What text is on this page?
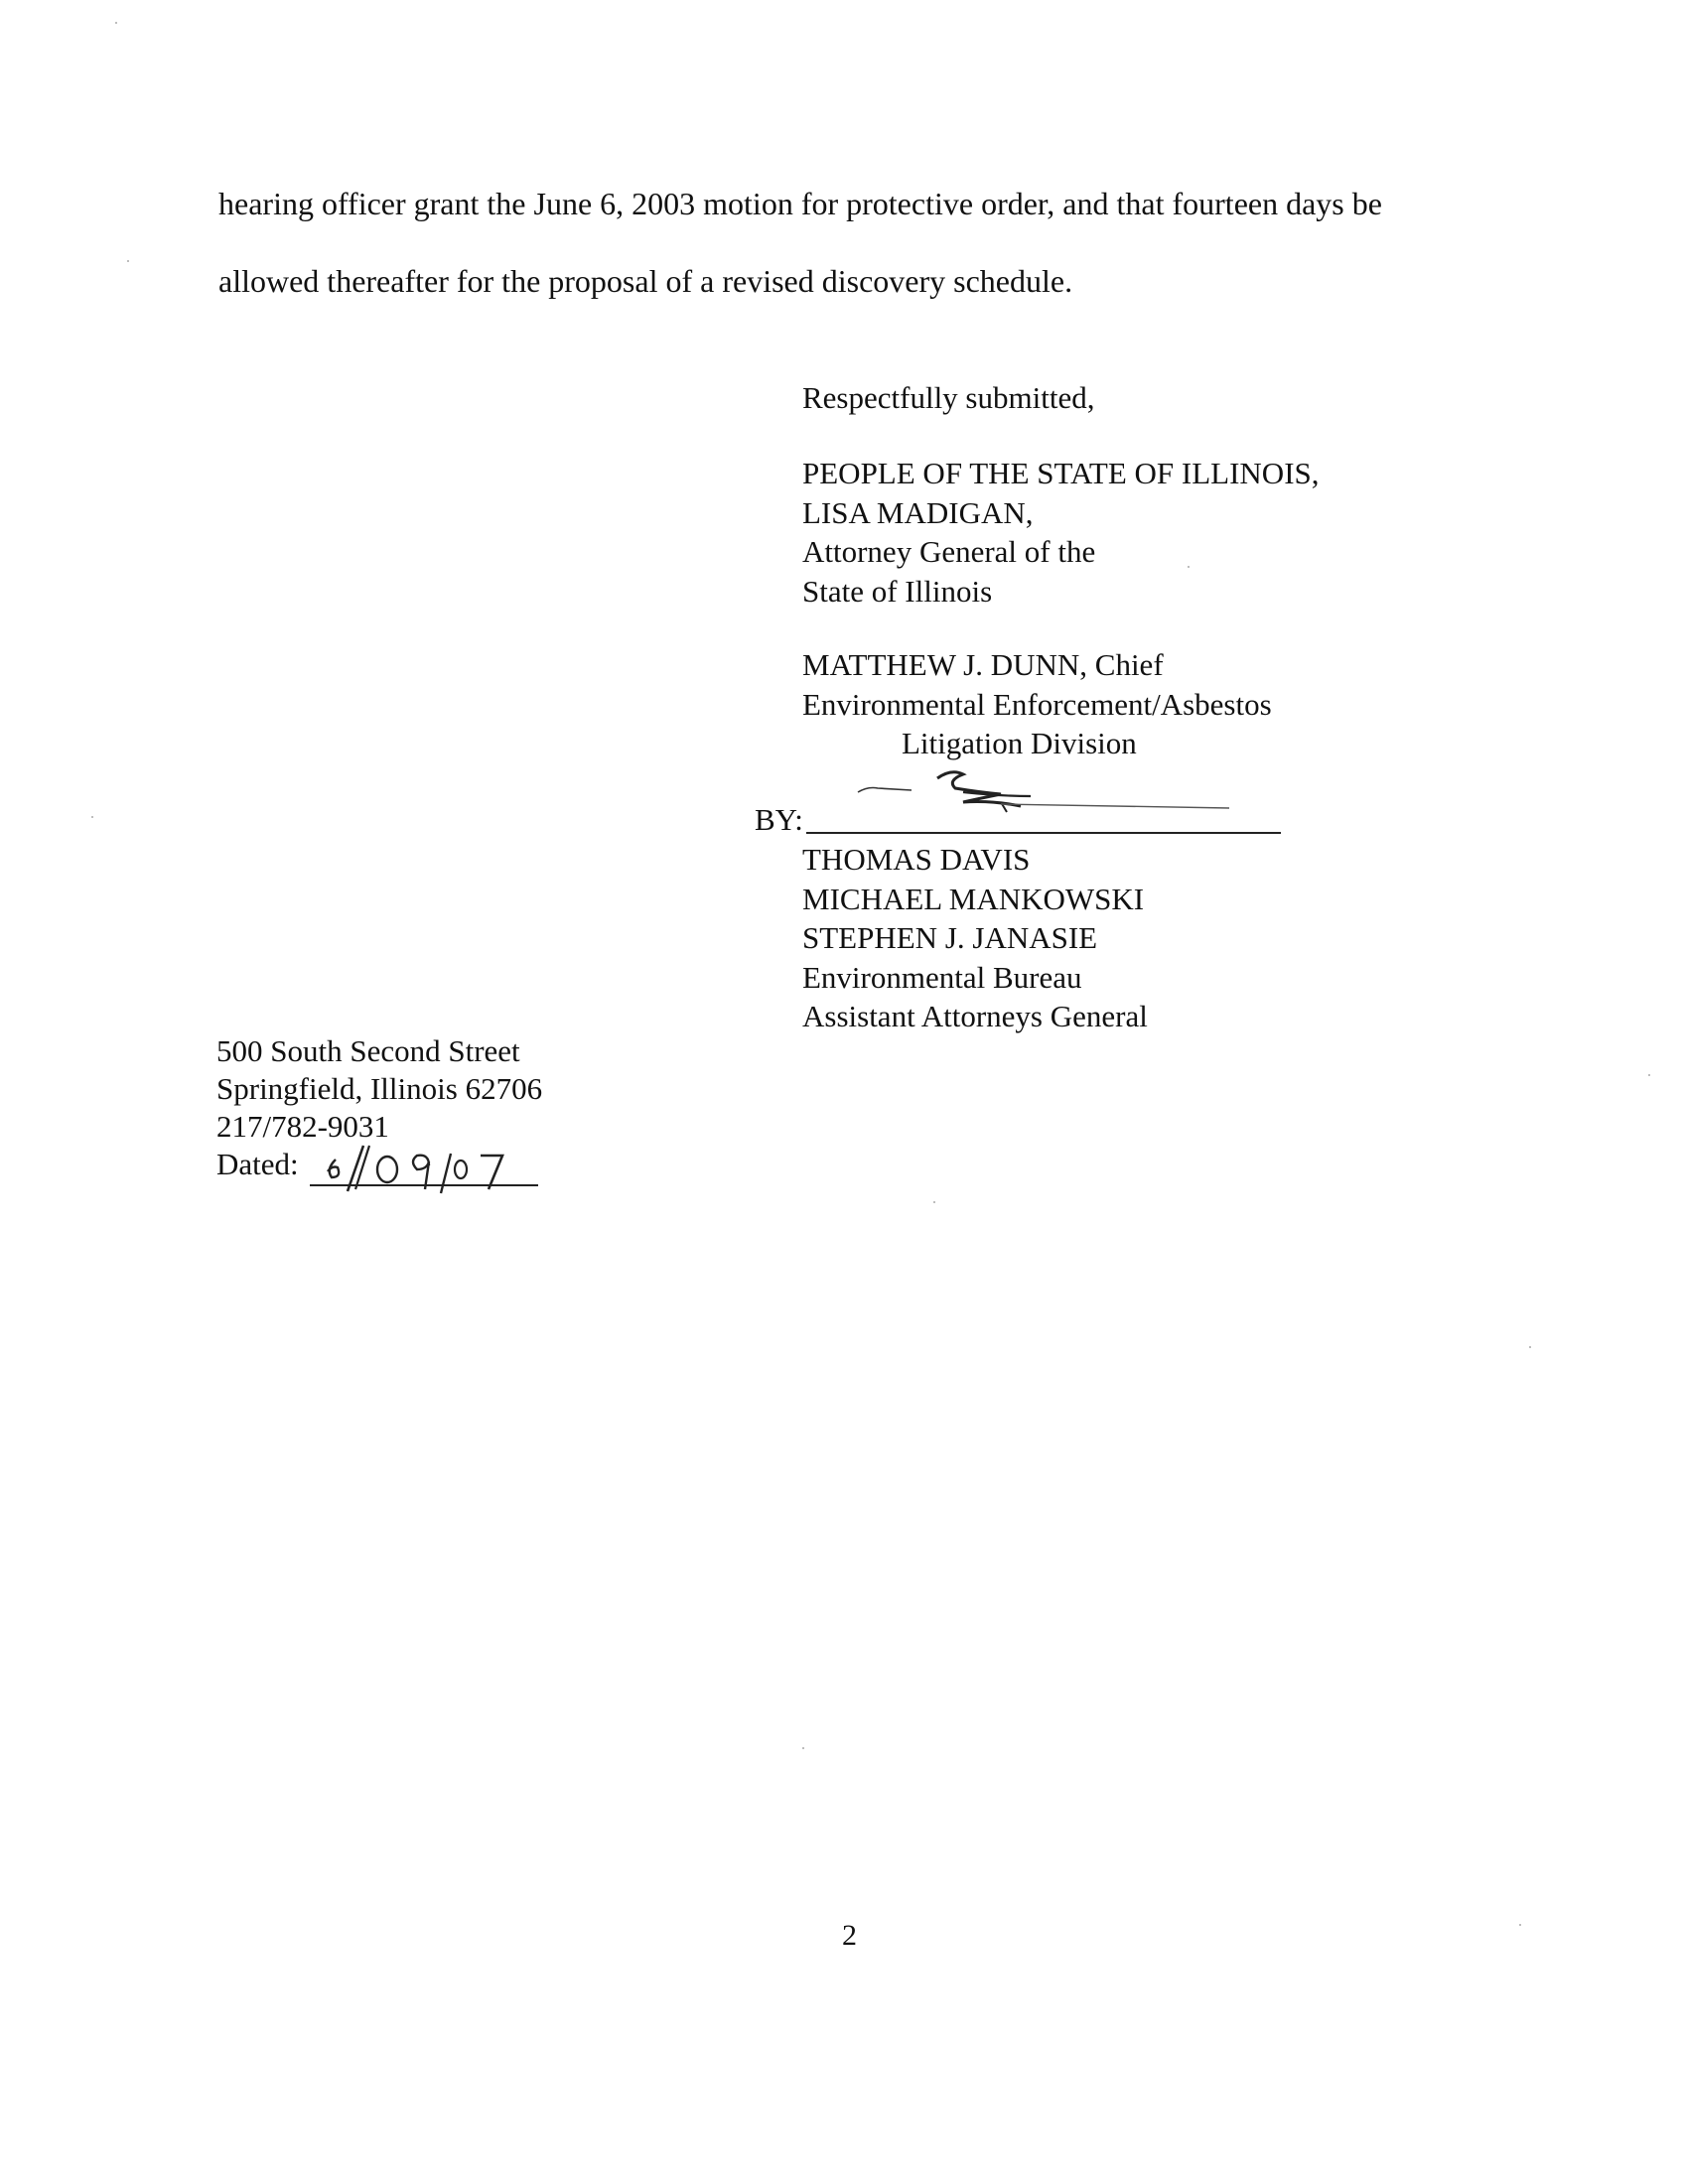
hearing officer grant the June 6, 2003 motion for protective order, and that fourteen days be
allowed thereafter for the proposal of a revised discovery schedule.
Respectfully submitted,
PEOPLE OF THE STATE OF ILLINOIS,
LISA MADIGAN,
Attorney General of the
State of Illinois
MATTHEW J. DUNN, Chief
Environmental Enforcement/Asbestos
Litigation Division
BY:
THOMAS DAVIS
MICHAEL MANKOWSKI
STEPHEN J. JANASIE
Environmental Bureau
Assistant Attorneys General
500 South Second Street
Springfield, Illinois 62706
217/782-9031
Dated:
2
